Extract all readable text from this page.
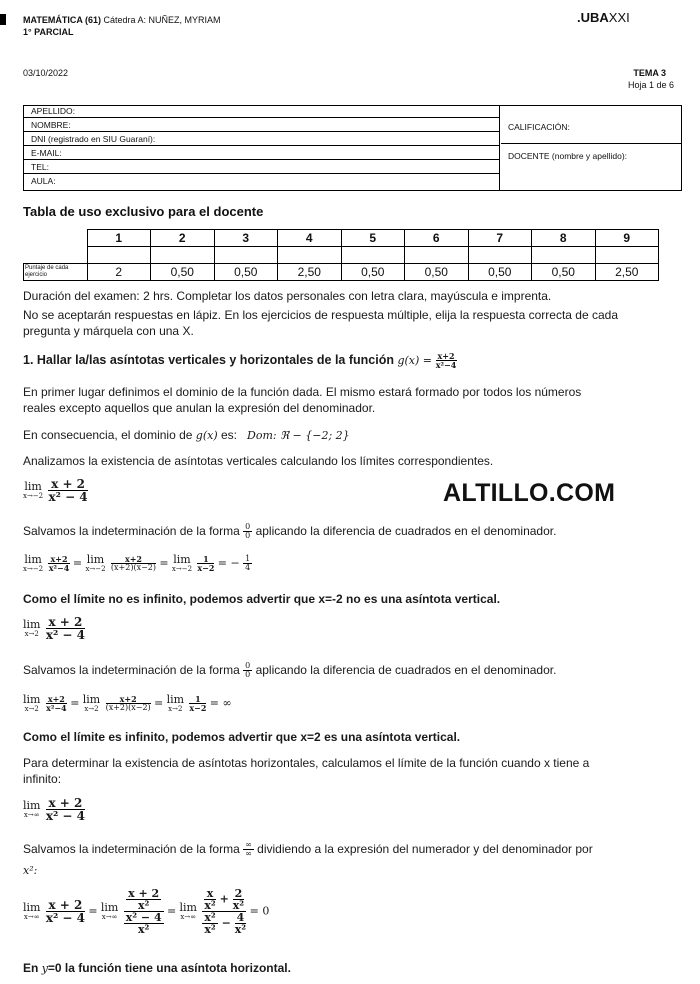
MATEMÁTICA (61) Cátedra A: NUÑEZ, MYRIAM
1° PARCIAL
.UBAXXI
03/10/2022	TEMA 3
Hoja 1 de 6
APELLIDO:
NOMBRE:
DNI (registrado en SIU Guaraní):
E-MAIL:
TEL:
AULA:
CALIFICACIÓN:
DOCENTE (nombre y apellido):
Tabla de uso exclusivo para el docente
	1	2	3	4	5	6	7	8	9

Puntaje de cada ejercicio	2	0,50	0,50	2,50	0,50	0,50	0,50	0,50	2,50
Duración del examen: 2 hrs. Completar los datos personales con letra clara, mayúscula e imprenta.
No se aceptarán respuestas en lápiz. En los ejercicios de respuesta múltiple, elija la respuesta correcta de cada
pregunta y márquela con una X.
1. Hallar la/las asíntotas verticales y horizontales de la función $g(x) = \frac{x+2}{\text{x²−4}}$
En primer lugar definimos el dominio de la función dada. El mismo estará formado por todos los números
reales excepto aquellos que anulan la expresión del denominador.
En consecuencia, el dominio de g(x) es: Dom: ℜ − {−2; 2}
Analizamos la existencia de asíntotas verticales calculando los límites correspondientes.
lim
x→−2
$\frac{x + 2}{\text{x² − 4}}$	ALTILLO.COM
Salvamos la indeterminación de la forma $\frac{0}{0}$ aplicando la diferencia de cuadrados en el denominador.
lim
x→−2
$\frac{x+2}{\text{x²−4}} = \lim$
x→−2
$\frac{x+2}{(x+2)(x-2)} = \lim$
x→−2
$\frac{1}{x-2}$ = − $\frac{1}{4}$
Como el límite no es infinito, podemos advertir que x=-2 no es una asíntota vertical.
lim
x→2
$\frac{x + 2}{\text{x² − 4}}$
Salvamos la indeterminación de la forma $\frac{0}{0}$ aplicando la diferencia de cuadrados en el denominador.
lim
x→2
$\frac{x+2}{\text{x²−4}} = \lim$
x→2
$\frac{x+2}{(x+2)(x-2)} = \lim$
x→2
$\frac{1}{x-2}$ = ∞
Como el límite es infinito, podemos advertir que x=2 es una asíntota vertical.
Para determinar la existencia de asíntotas horizontales, calculamos el límite de la función cuando x tiene a
infinito:
lim
x→∞
$\frac{x + 2}{\text{x² − 4}}$
Salvamos la indeterminación de la forma $\frac{\infty}{\infty}$ dividiendo a la expresión del numerador y del denominador por
x²:
lim
x→∞
$\frac{x + 2}{\text{x² − 4}} = \lim$
x→∞
$\frac{\frac{x + 2}{\text{x²}}}{\frac{\text{x² − 4}}{\text{x²}}} = \lim$
x→∞
$\frac{\frac{x}{\text{x²}} + \frac{2}{\text{x²}}}{\frac{\text{x²}}{\text{x²}} - \frac{4}{\text{x²}}} = 0$
En y=0 la función tiene una asíntota horizontal.
